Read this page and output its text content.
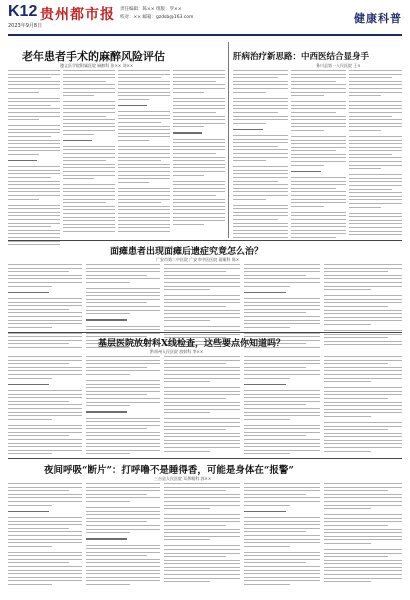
K12
2023年9月8日
贵州都市报 责任编辑：陈×× 组版：罗××
校对：×× 邮箱：gzdsb@163.com	健康科普
老年患者手术的麻醉风险评估
遵义医学院附属医院 麻醉科 张×× 刘××
肝病治疗新思路：中西医结合显身手
务川县第一人民医院 王×
面瘫患者出现面瘫后遗症究竟怎么治？
广安市第二中医院 广安市中医医院 面瘫科 陈×
基层医院放射科X线检查，这些要点你知道吗？
黔南州人民医院 放射科 李××
夜间呼吸“断片”：打呼噜不是睡得香，可能是身体在“报警”
三台县人民医院 耳鼻喉科 郭××
